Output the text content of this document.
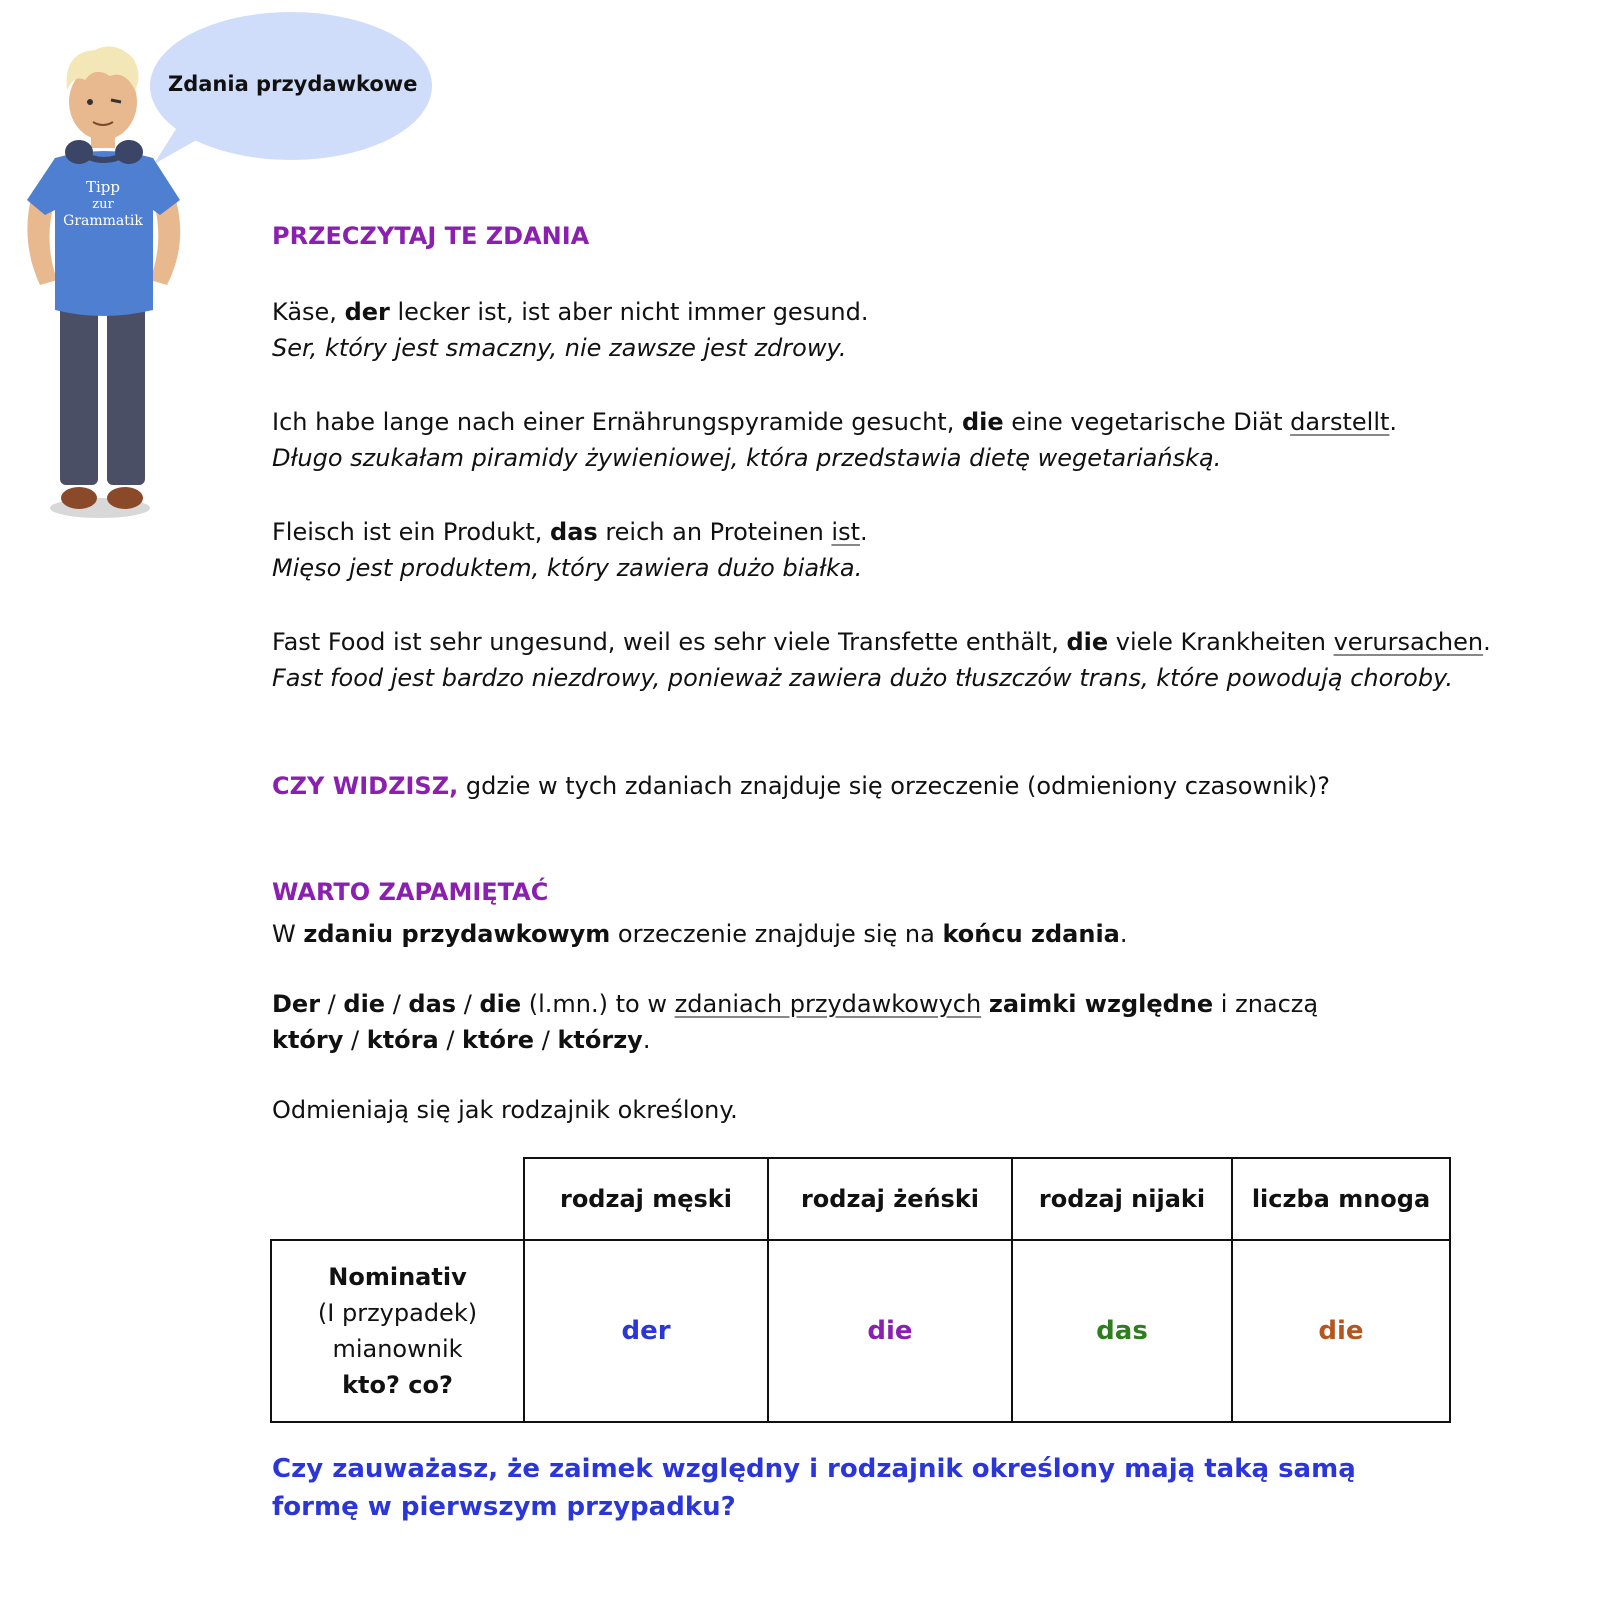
Zdania przydawkowe
Tipp
zur
Grammatik
PRZECZYTAJ TE ZDANIA
Käse, der lecker ist, ist aber nicht immer gesund.
Ser, który jest smaczny, nie zawsze jest zdrowy.
Ich habe lange nach einer Ernährungspyramide gesucht, die eine vegetarische Diät darstellt.
Długo szukałam piramidy żywieniowej, która przedstawia dietę wegetariańską.
Fleisch ist ein Produkt, das reich an Proteinen ist.
Mięso jest produktem, który zawiera dużo białka.
Fast Food ist sehr ungesund, weil es sehr viele Transfette enthält, die viele Krankheiten verursachen.
Fast food jest bardzo niezdrowy, ponieważ zawiera dużo tłuszczów trans, które powodują choroby.
CZY WIDZISZ, gdzie w tych zdaniach znajduje się orzeczenie (odmieniony czasownik)?
WARTO ZAPAMIĘTAĆ
W zdaniu przydawkowym orzeczenie znajduje się na końcu zdania.
Der / die / das / die (l.mn.) to w zdaniach przydawkowych zaimki względne i znaczą
który / która / które / którzy.
Odmieniają się jak rodzajnik określony.
	rodzaj męski	rodzaj żeński	rodzaj nijaki	liczba mnoga

Nominativ
(I przypadek)
mianownik
kto? co?	der	die	das	die
Czy zauważasz, że zaimek względny i rodzajnik określony mają taką samą
formę w pierwszym przypadku?
